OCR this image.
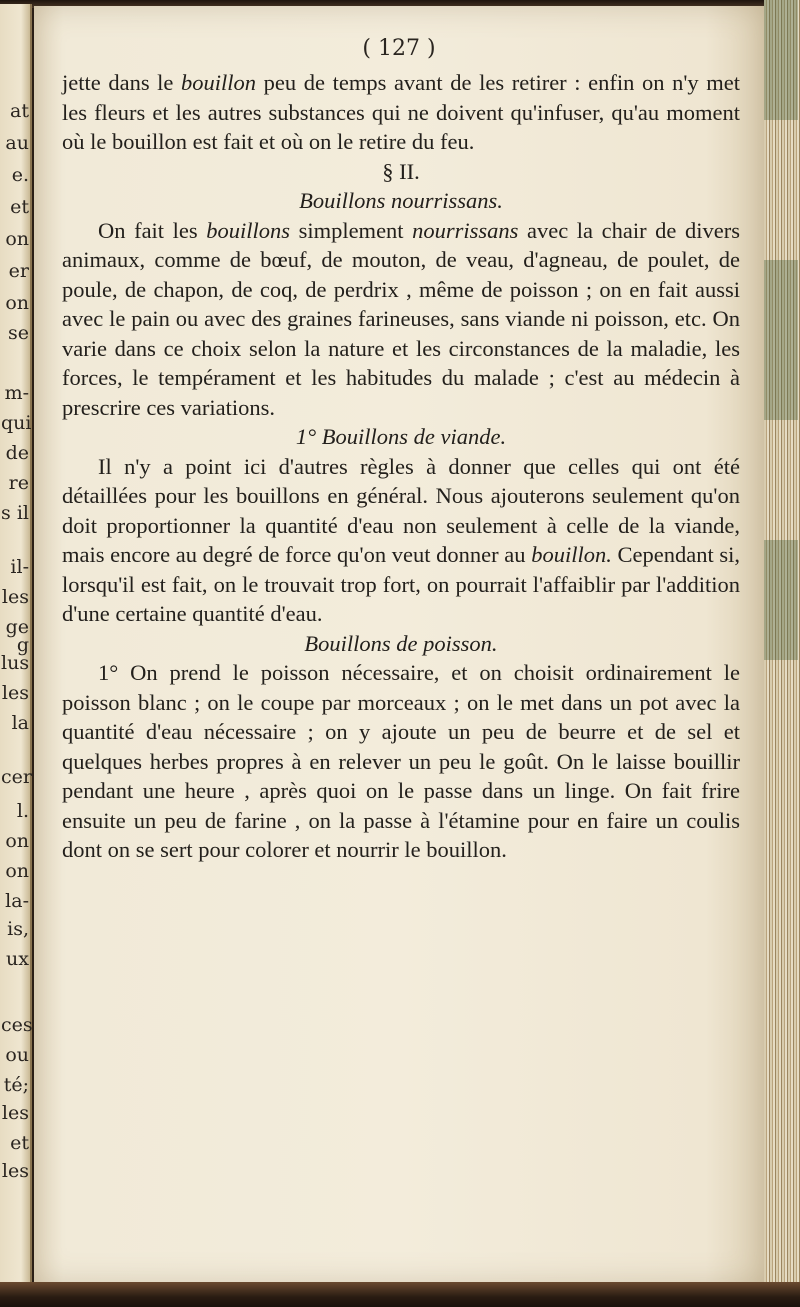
at
au
e.
et
on
er
on
se
m-
qui
de
re
s il
il-
les
ge
g
lus
les
la
cer
l.
on
on
la-
is,
ux
ces
ou
té;
les
et
les
( 127 )

jette dans le bouillon peu de temps avant de les retirer : enfin on n'y met les fleurs et les autres substances qui ne doivent qu'infuser, qu'au moment où le bouillon est fait et où on le retire du feu.

§ II.

Bouillons nourrissans.

On fait les bouillons simplement nourrissans avec la chair de divers animaux, comme de bœuf, de mouton, de veau, d'agneau, de poulet, de poule, de chapon, de coq, de perdrix , même de poisson ; on en fait aussi avec le pain ou avec des graines farineuses, sans viande ni poisson, etc. On varie dans ce choix selon la nature et les circonstances de la maladie, les forces, le tempérament et les habitudes du malade ; c'est au médecin à prescrire ces variations.

1° Bouillons de viande.

Il n'y a point ici d'autres règles à donner que celles qui ont été détaillées pour les bouillons en général. Nous ajouterons seulement qu'on doit proportionner la quantité d'eau non seulement à celle de la viande, mais encore au degré de force qu'on veut donner au bouillon. Cependant si, lorsqu'il est fait, on le trouvait trop fort, on pourrait l'affaiblir par l'addition d'une certaine quantité d'eau.

Bouillons de poisson.

1° On prend le poisson nécessaire, et on choisit ordinairement le poisson blanc ; on le coupe par morceaux ; on le met dans un pot avec la quantité d'eau nécessaire ; on y ajoute un peu de beurre et de sel et quelques herbes propres à en relever un peu le goût. On le laisse bouillir pendant une heure , après quoi on le passe dans un linge. On fait frire ensuite un peu de farine , on la passe à l'étamine pour en faire un coulis dont on se sert pour colorer et nourrir le bouillon.
